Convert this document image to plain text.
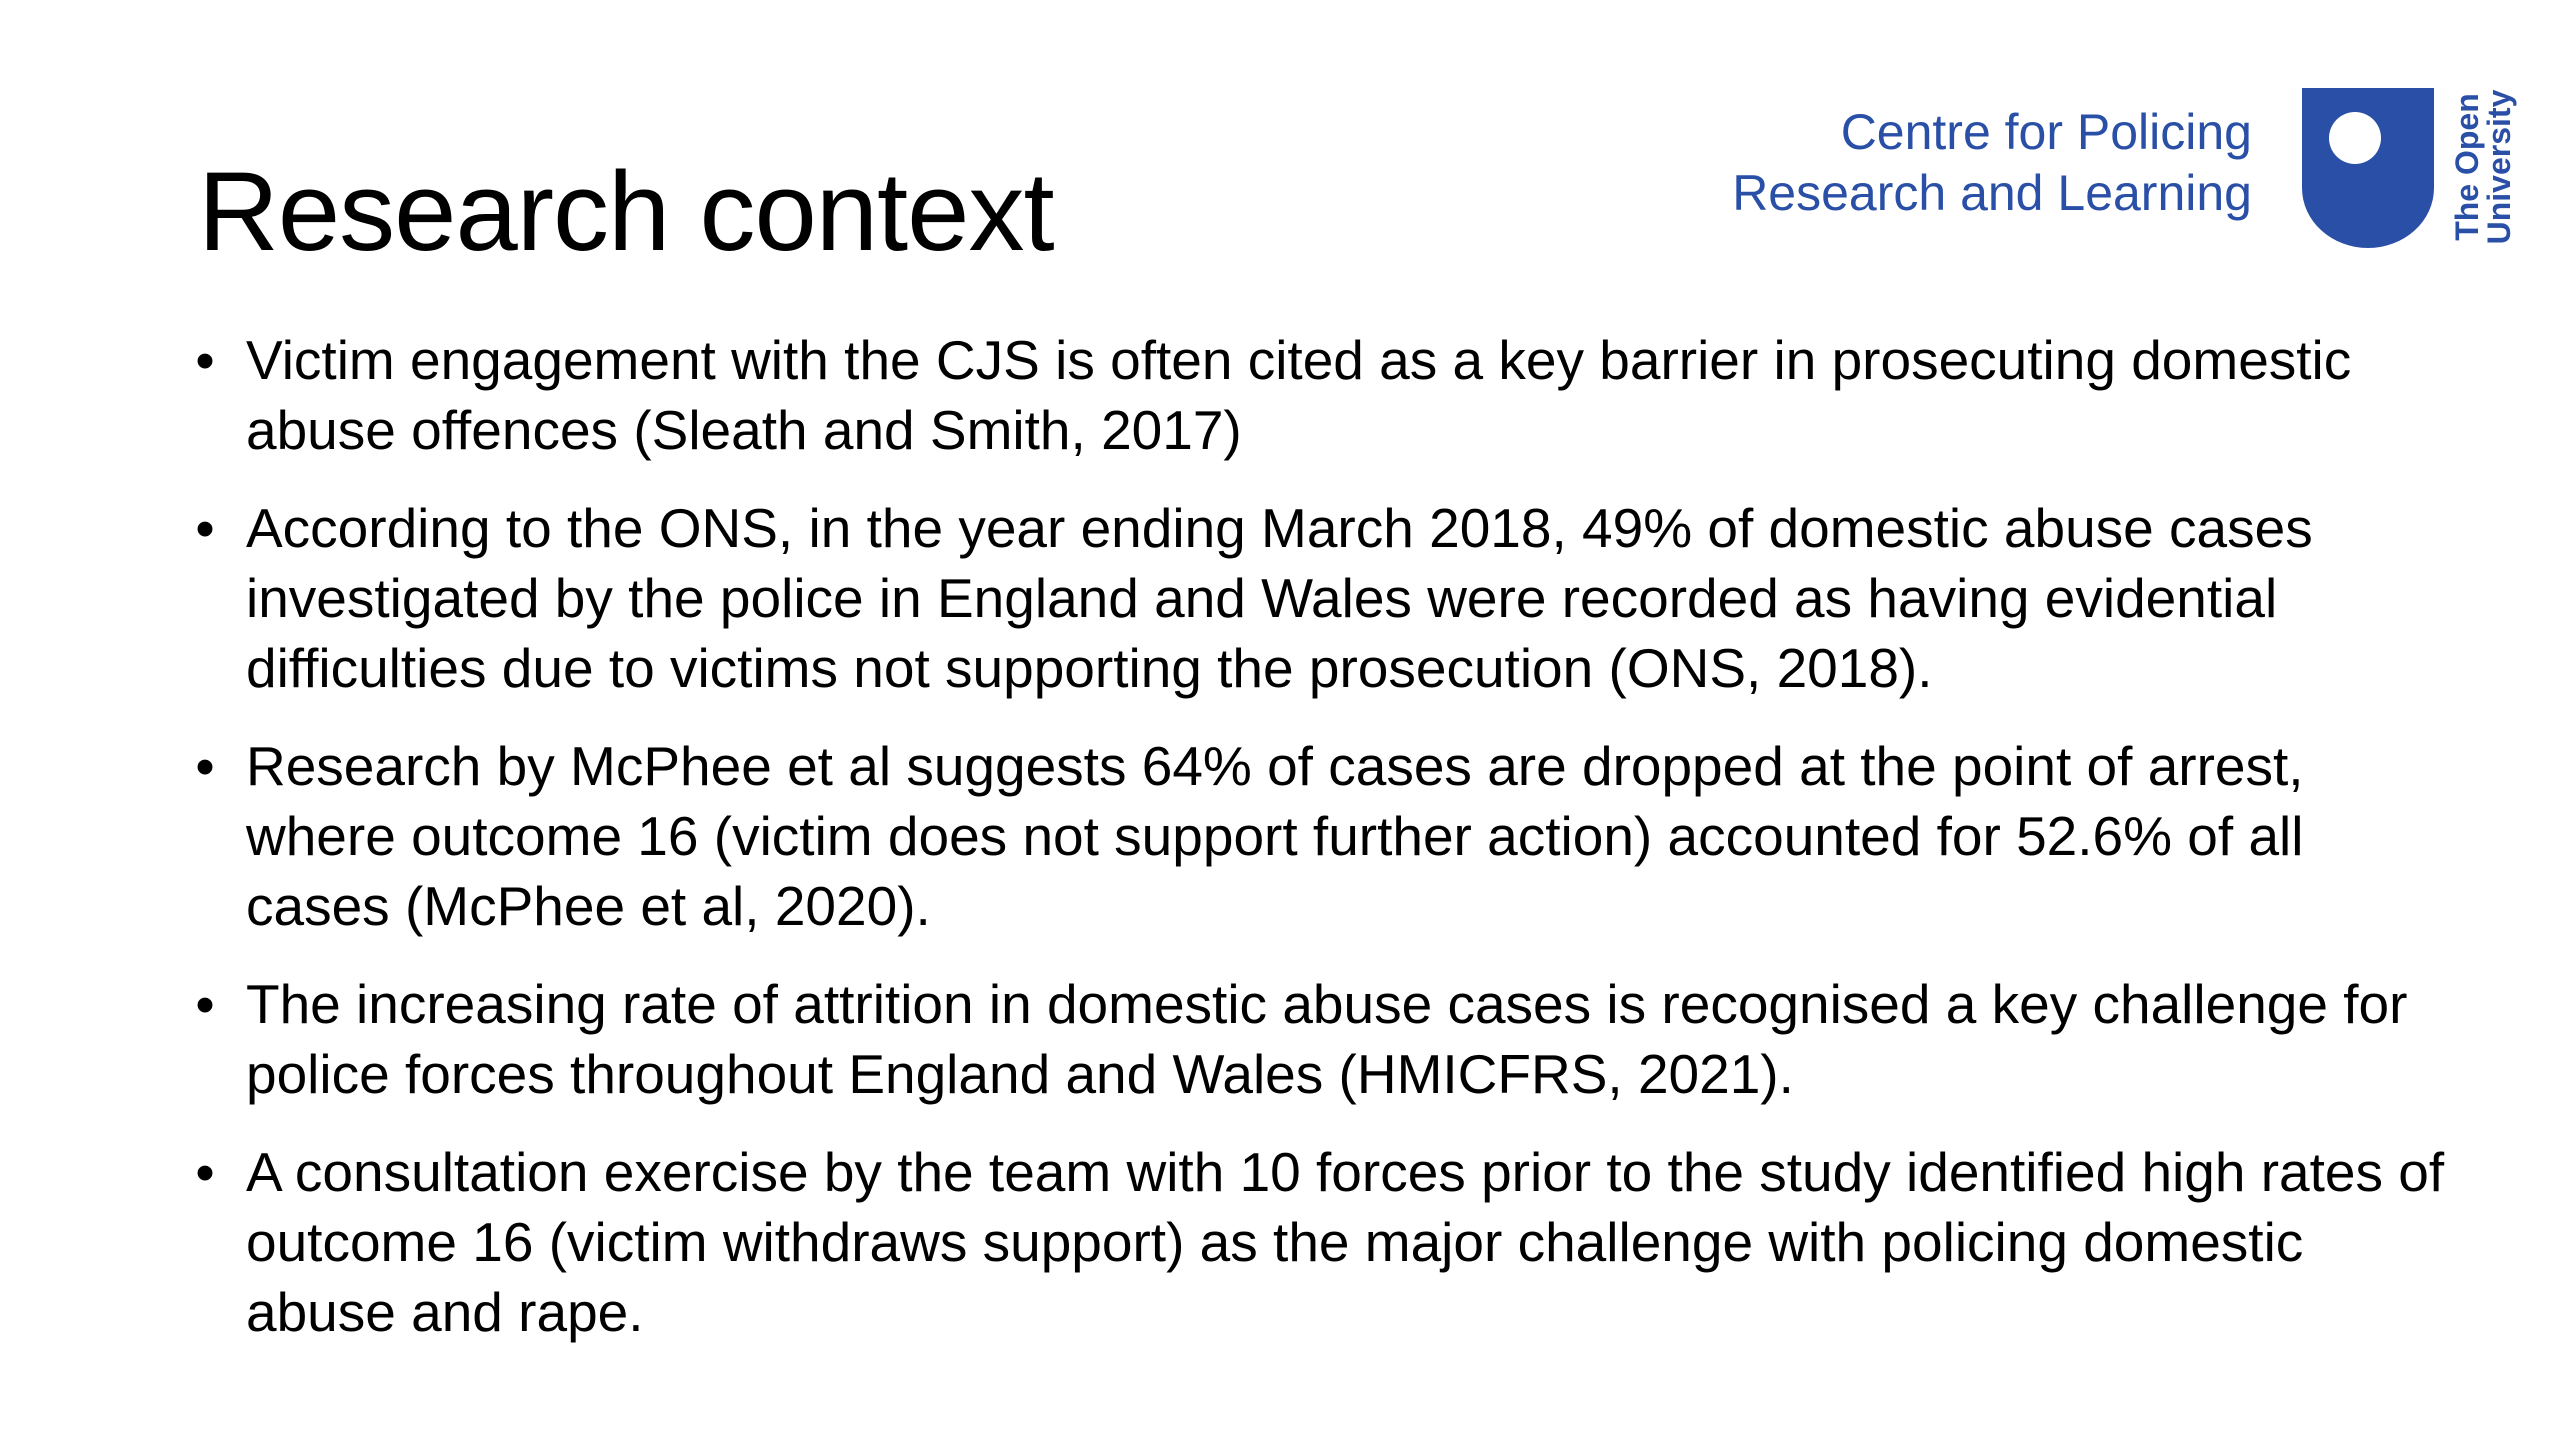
Research context
Centre for Policing
Research and Learning	The Open
University
• Victim engagement with the CJS is often cited as a key barrier in prosecuting domestic abuse offences (Sleath and Smith, 2017)
• According to the ONS, in the year ending March 2018, 49% of domestic abuse cases investigated by the police in England and Wales were recorded as having evidential difficulties due to victims not supporting the prosecution (ONS, 2018).
• Research by McPhee et al suggests 64% of cases are dropped at the point of arrest, where outcome 16 (victim does not support further action) accounted for 52.6% of all cases (McPhee et al, 2020).
• The increasing rate of attrition in domestic abuse cases is recognised a key challenge for police forces throughout England and Wales (HMICFRS, 2021).
• A consultation exercise by the team with 10 forces prior to the study identified high rates of outcome 16 (victim withdraws support) as the major challenge with policing domestic abuse and rape.
